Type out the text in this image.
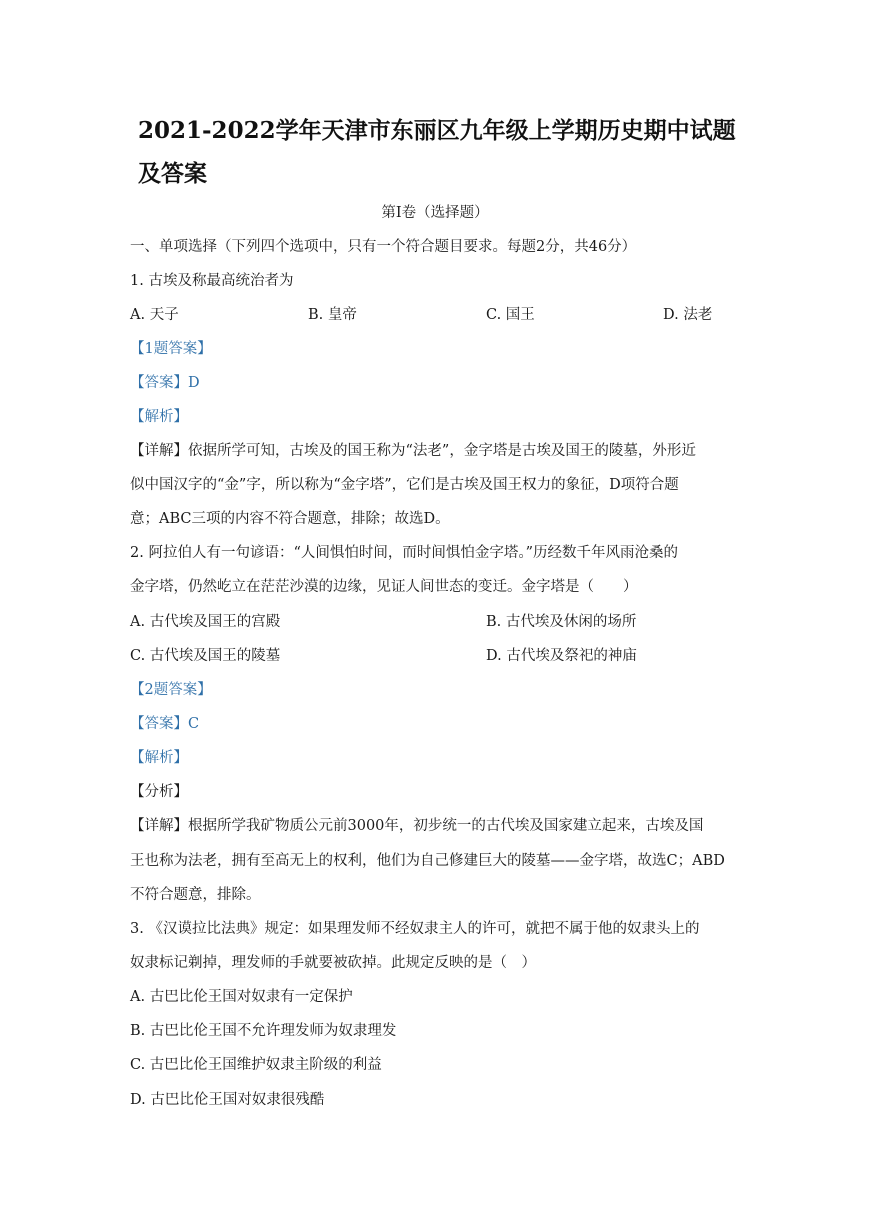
2021-2022学年天津市东丽区九年级上学期历史期中试题
及答案
第Ⅰ卷（选择题）
一、单项选择（下列四个选项中，只有一个符合题目要求。每题2分，共46分）
1. 古埃及称最高统治者为
A. 天子	B. 皇帝	C. 国王	D. 法老
【1题答案】
【答案】D
【解析】
【详解】依据所学可知，古埃及的国王称为“法老”，金字塔是古埃及国王的陵墓，外形近
似中国汉字的“金”字，所以称为“金字塔”，它们是古埃及国王权力的象征，D项符合题
意；ABC三项的内容不符合题意，排除；故选D。
2. 阿拉伯人有一句谚语：“人间惧怕时间，而时间惧怕金字塔。”历经数千年风雨沧桑的
金字塔，仍然屹立在茫茫沙漠的边缘，见证人间世态的变迁。金字塔是（　　）
A. 古代埃及国王的宫殿	B. 古代埃及休闲的场所
C. 古代埃及国王的陵墓	D. 古代埃及祭祀的神庙
【2题答案】
【答案】C
【解析】
【分析】
【详解】根据所学我矿物质公元前3000年，初步统一的古代埃及国家建立起来，古埃及国
王也称为法老，拥有至高无上的权利，他们为自己修建巨大的陵墓——金字塔，故选C；ABD
不符合题意，排除。
3. 《汉谟拉比法典》规定：如果理发师不经奴隶主人的许可，就把不属于他的奴隶头上的
奴隶标记剃掉，理发师的手就要被砍掉。此规定反映的是（　）
A. 古巴比伦王国对奴隶有一定保护
B. 古巴比伦王国不允许理发师为奴隶理发
C. 古巴比伦王国维护奴隶主阶级的利益
D. 古巴比伦王国对奴隶很残酷
